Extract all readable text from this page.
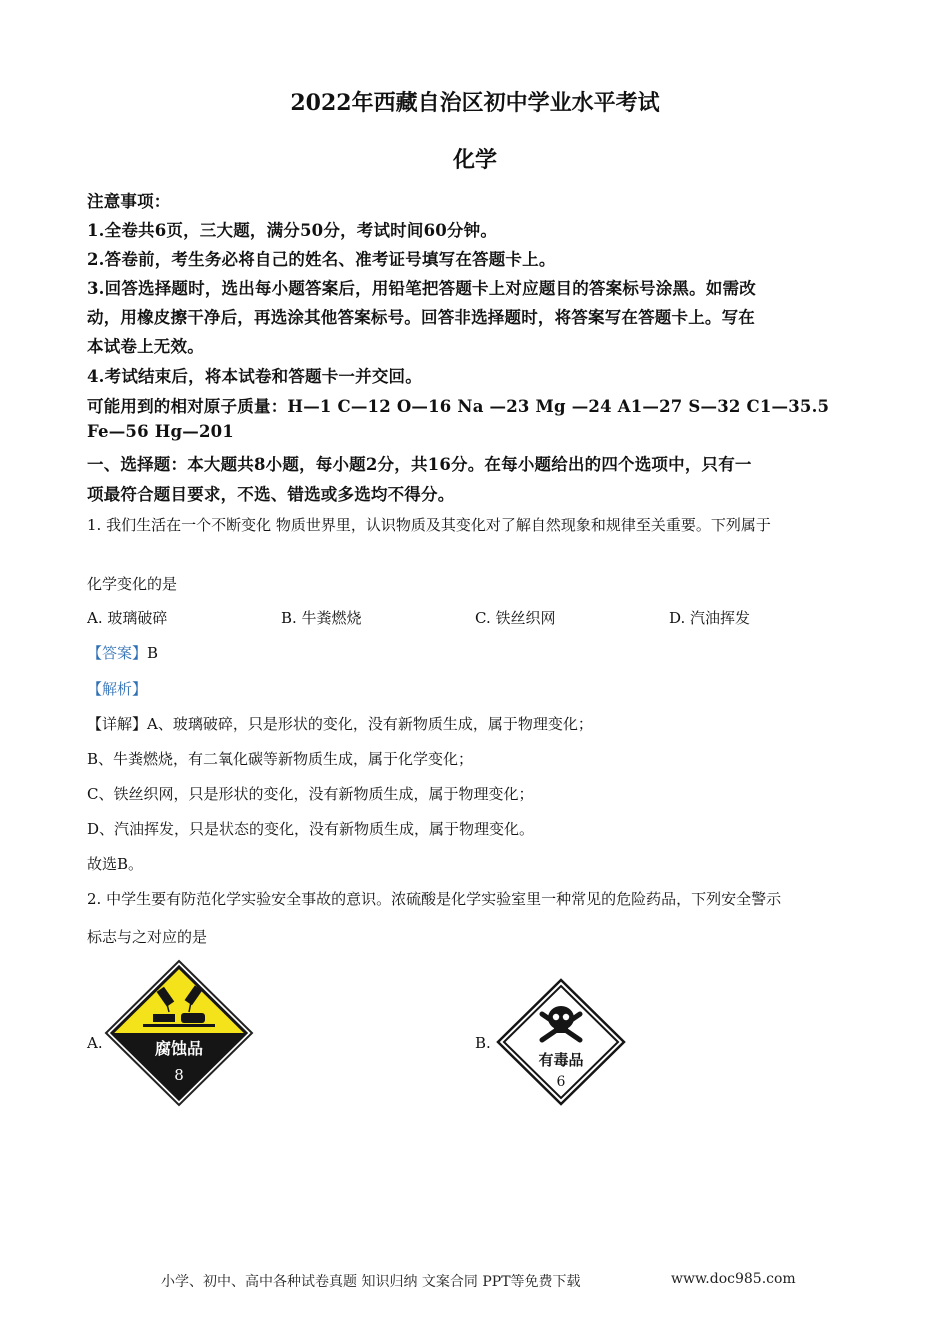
2022年西藏自治区初中学业水平考试
化学
注意事项：
1.全卷共6页，三大题，满分50分，考试时间60分钟。
2.答卷前，考生务必将自己的姓名、准考证号填写在答题卡上。
3.回答选择题时，选出每小题答案后，用铅笔把答题卡上对应题目的答案标号涂黑。如需改
动，用橡皮擦干净后，再选涂其他答案标号。回答非选择题时，将答案写在答题卡上。写在
本试卷上无效。
4.考试结束后，将本试卷和答题卡一并交回。
可能用到的相对原子质量：H—1 C—12 O—16 Na —23 Mg —24 A1—27 S—32 C1—35.5
Fe—56 Hg—201
一、选择题：本大题共8小题，每小题2分，共16分。在每小题给出的四个选项中，只有一
项最符合题目要求，不选、错选或多选均不得分。
1. 我们生活在一个不断变化 物质世界里，认识物质及其变化对了解自然现象和规律至关重要。下列属于
化学变化的是
A. 玻璃破碎	B. 牛粪燃烧	C. 铁丝织网	D. 汽油挥发
【答案】B
【解析】
【详解】A、玻璃破碎，只是形状的变化，没有新物质生成，属于物理变化；
B、牛粪燃烧，有二氧化碳等新物质生成，属于化学变化；
C、铁丝织网，只是形状的变化，没有新物质生成，属于物理变化；
D、汽油挥发，只是状态的变化，没有新物质生成，属于物理变化。
故选B。
2. 中学生要有防范化学实验安全事故的意识。浓硫酸是化学实验室里一种常见的危险药品，下列安全警示
标志与之对应的是
A.	B.
腐蚀品
8
有毒品
6
小学、初中、高中各种试卷真题 知识归纳 文案合同 PPT等免费下载	www.doc985.com
